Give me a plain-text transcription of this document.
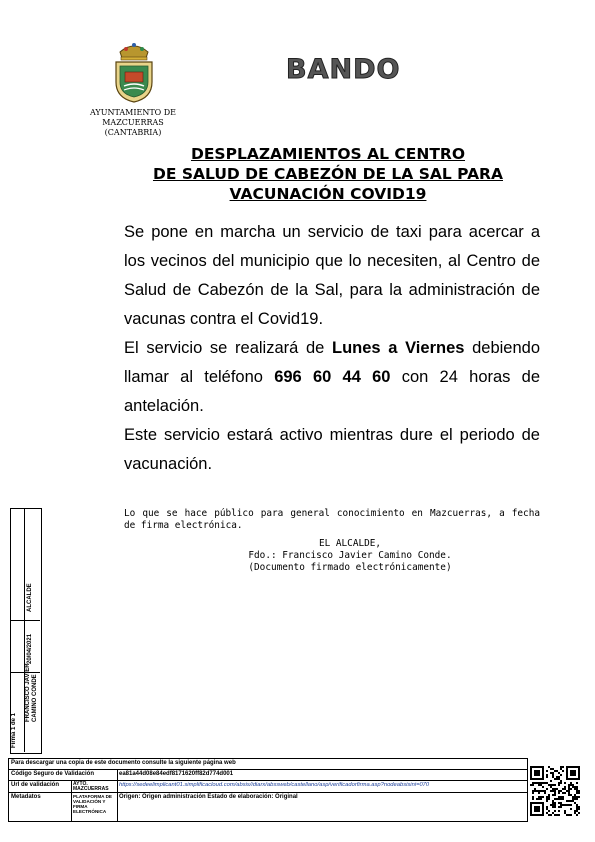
AYUNTAMIENTO DE
MAZCUERRAS
(CANTABRIA)
BANDO
DESPLAZAMIENTOS AL CENTRO
DE SALUD DE CABEZÓN DE LA SAL PARA
VACUNACIÓN COVID19

Se pone en marcha un servicio de taxi para acercar a los vecinos del municipio que lo necesiten, al Centro de Salud de Cabezón de la Sal, para la administración de vacunas contra el Covid19.

El servicio se realizará de Lunes a Viernes debiendo llamar al teléfono 696 60 44 60 con 24 horas de antelación.

Este servicio estará activo mientras dure el periodo de vacunación.

Lo que se hace público para general conocimiento en Mazcuerras, a fecha de firma electrónica.
EL ALCALDE,
Fdo.: Francisco Javier Camino Conde.
(Documento firmado electrónicamente)
ALCALDE
20/04/2021
Firma 1 de 1
FRANCISCO JAVIER CAMINO CONDE
Para descargar una copia de este documento consulte la siguiente página web
Código Seguro de Validación	ea81a44d08e84edf8171620ff82d774d001
Url de validación	AYTO. MAZCUERRAS
https://sedeelimplicant01.simplificacloud.com/absis/idiarx/abssweb/castellano/asp/verificadorfirma.asp?nodeabsisini=070
Metadatos	PLATAFORMA DE VALIDACIÓN Y FIRMA ELECTRÓNICA
Origen: Origen administración Estado de elaboración: Original
